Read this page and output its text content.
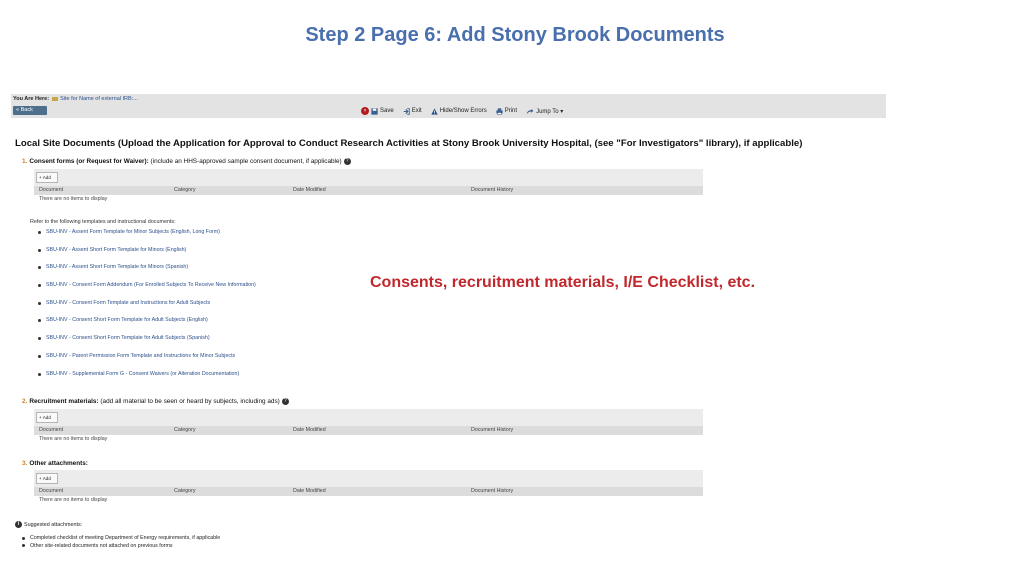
Step 2 Page 6: Add Stony Brook Documents
You Are Here: Site for Name of external IRB:...
« Back	×	Save	Exit	Hide/Show Errors	Print	Jump To ▾
Local Site Documents (Upload the Application for Approval to Conduct Research Activities at Stony Brook University Hospital, (see "For Investigators" library), if applicable)
1. Consent forms (or Request for Waiver): (include an HHS-approved sample consent document, if applicable) ?
+ Add
Document	Category	Date Modified	Document History
There are no items to display
Refer to the following templates and instructional documents:
SBU-INV - Assent Form Template for Minor Subjects (English, Long Form)
SBU-INV - Assent Short Form Template for Minors (English)
SBU-INV - Assent Short Form Template for Minors (Spanish)
SBU-INV - Consent Form Addendum (For Enrolled Subjects To Receive New Information)
SBU-INV - Consent Form Template and Instructions for Adult Subjects
SBU-INV - Consent Short Form Template for Adult Subjects (English)
SBU-INV - Consent Short Form Template for Adult Subjects (Spanish)
SBU-INV - Parent Permission Form Template and Instructions for Minor Subjects
SBU-INV - Supplemental Form G - Consent Waivers (or Alteration Documentation)
Consents, recruitment materials, I/E Checklist, etc.
2. Recruitment materials: (add all material to be seen or heard by subjects, including ads) ?
+ Add
Document	Category	Date Modified	Document History
There are no items to display
3. Other attachments:
+ Add
Document	Category	Date Modified	Document History
There are no items to display
i Suggested attachments:
Completed checklist of meeting Department of Energy requirements, if applicable
Other site-related documents not attached on previous forms
